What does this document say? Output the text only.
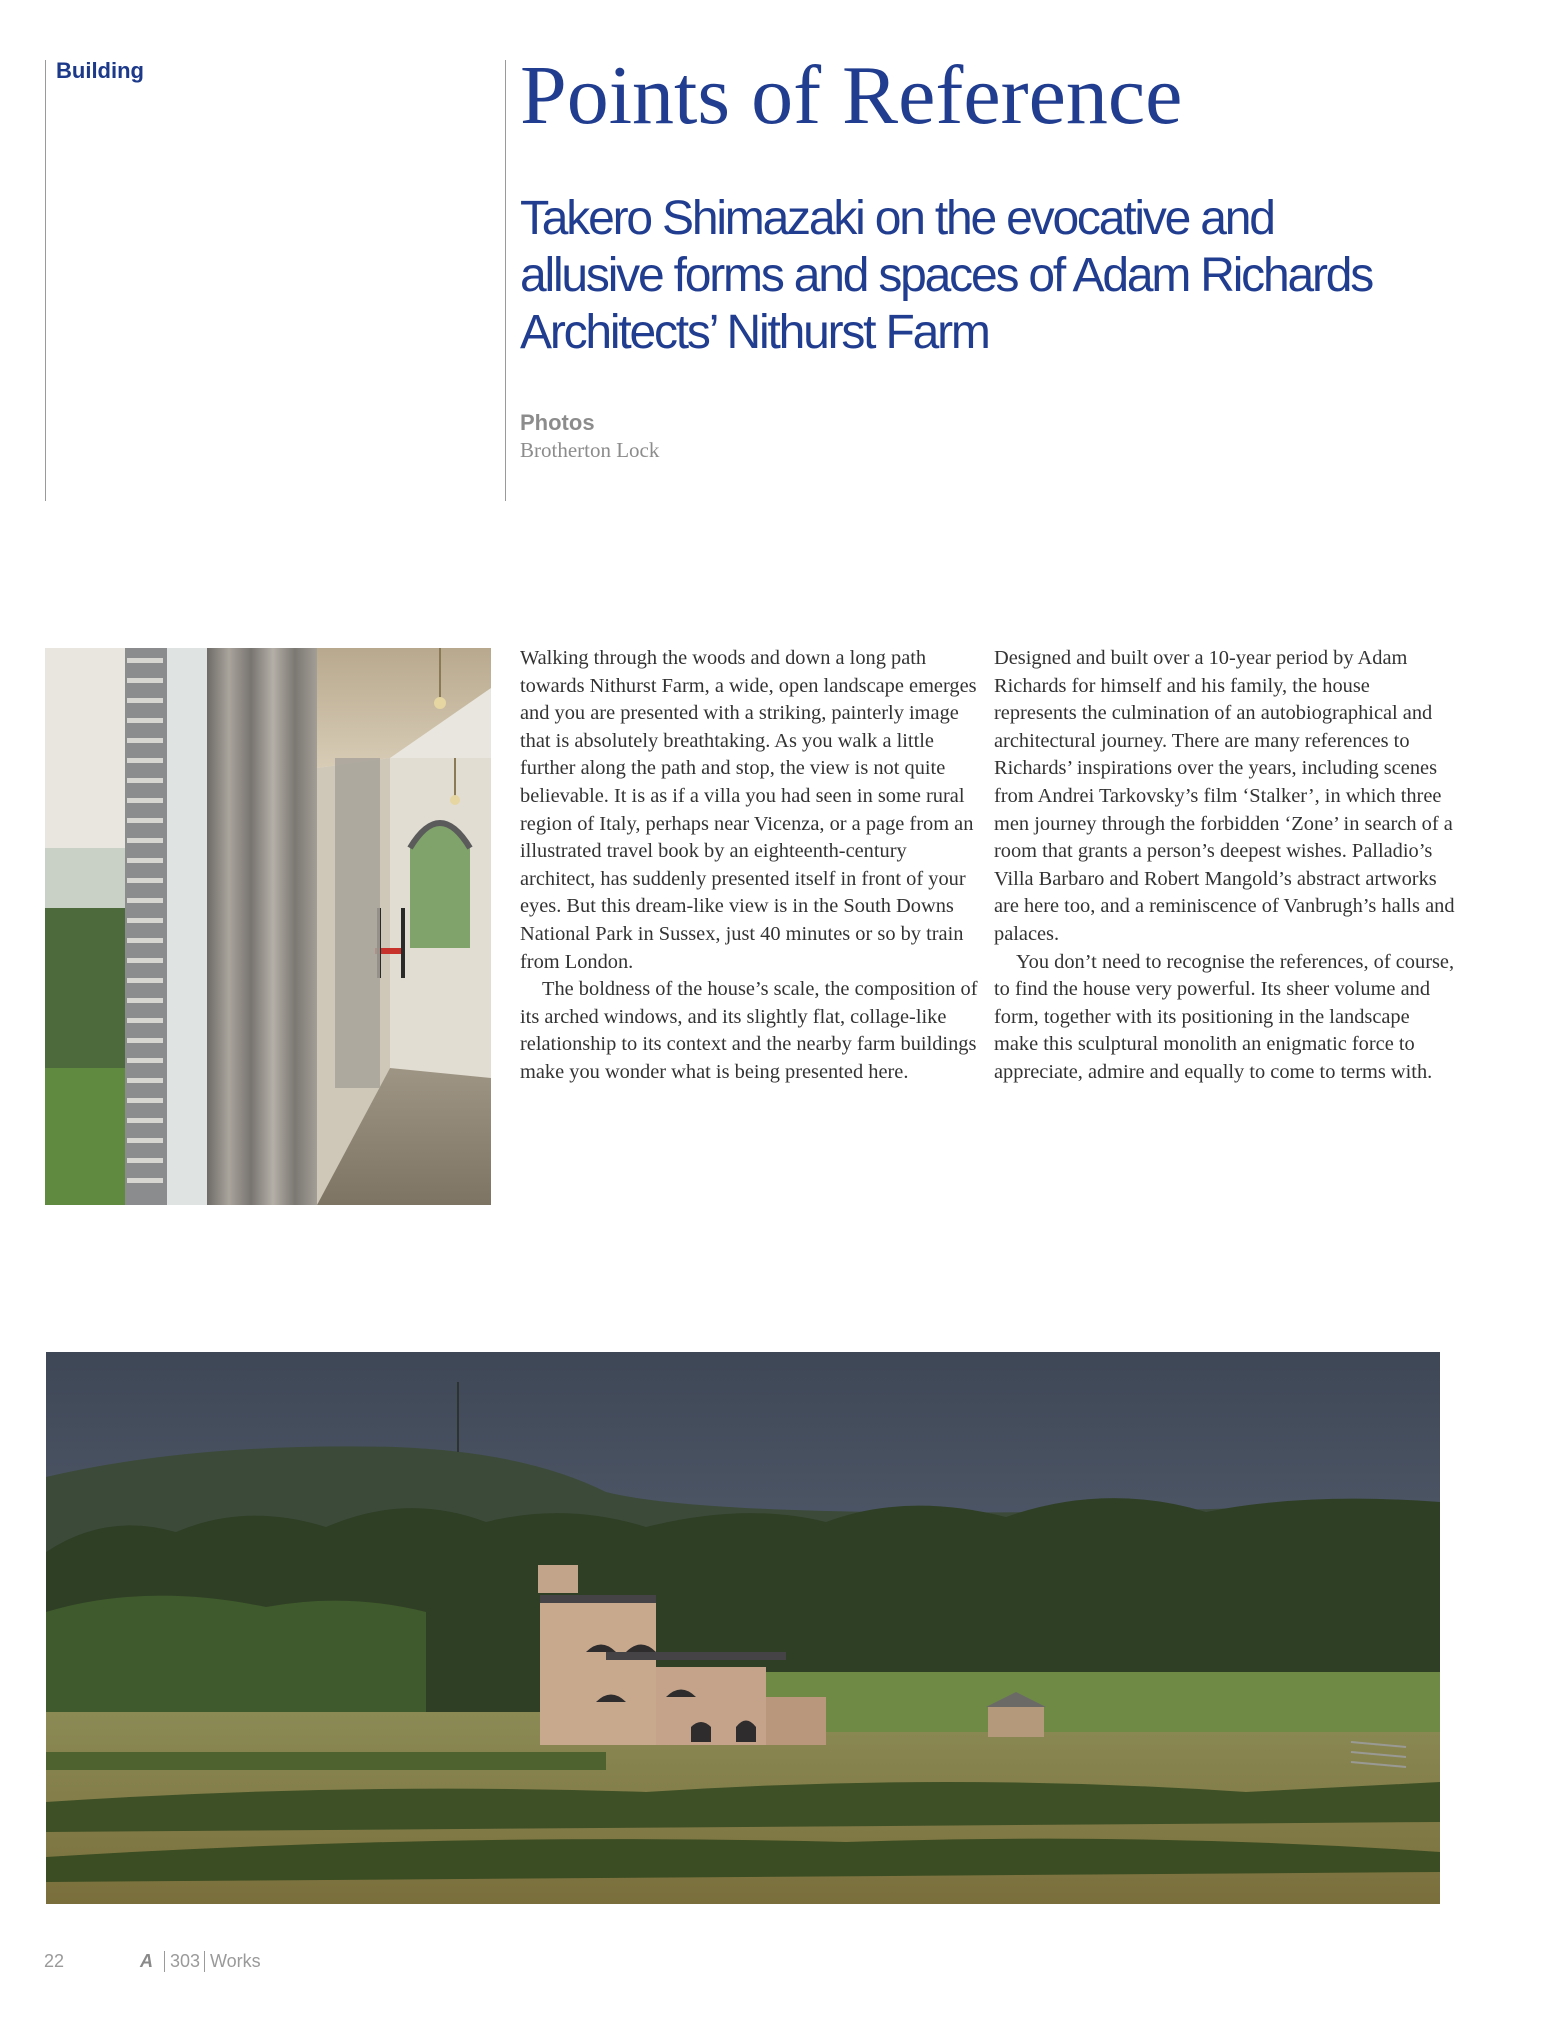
Building	Points of Reference
Takero Shimazaki on the evocative and allusive forms and spaces of Adam Richards Architects’ Nithurst Farm
Photos
Brotherton Lock

Walking through the woods and down a long path towards Nithurst Farm, a wide, open landscape emerges and you are presented with a striking, painterly image that is absolutely breathtaking. As you walk a little further along the path and stop, the view is not quite believable. It is as if a villa you had seen in some rural region of Italy, perhaps near Vicenza, or a page from an illustrated travel book by an eighteenth-century architect, has suddenly presented itself in front of your eyes. But this dream-like view is in the South Downs National Park in Sussex, just 40 minutes or so by train from London.

The boldness of the house’s scale, the composition of its arched windows, and its slightly flat, collage-like relationship to its context and the nearby farm buildings make you wonder what is being presented here.

Designed and built over a 10-year period by Adam Richards for himself and his family, the house represents the culmination of an autobiographical and architectural journey. There are many references to Richards’ inspirations over the years, including scenes from Andrei Tarkovsky’s film ‘Stalker’, in which three men journey through the forbidden ‘Zone’ in search of a room that grants a person’s deepest wishes. Palladio’s Villa Barbaro and Robert Mangold’s abstract artworks are here too, and a reminiscence of Vanbrugh’s halls and palaces.

You don’t need to recognise the references, of course, to find the house very powerful. Its sheer volume and form, together with its positioning in the landscape make this sculptural monolith an enigmatic force to appreciate, admire and equally to come to terms with.

22	A 303 Works
